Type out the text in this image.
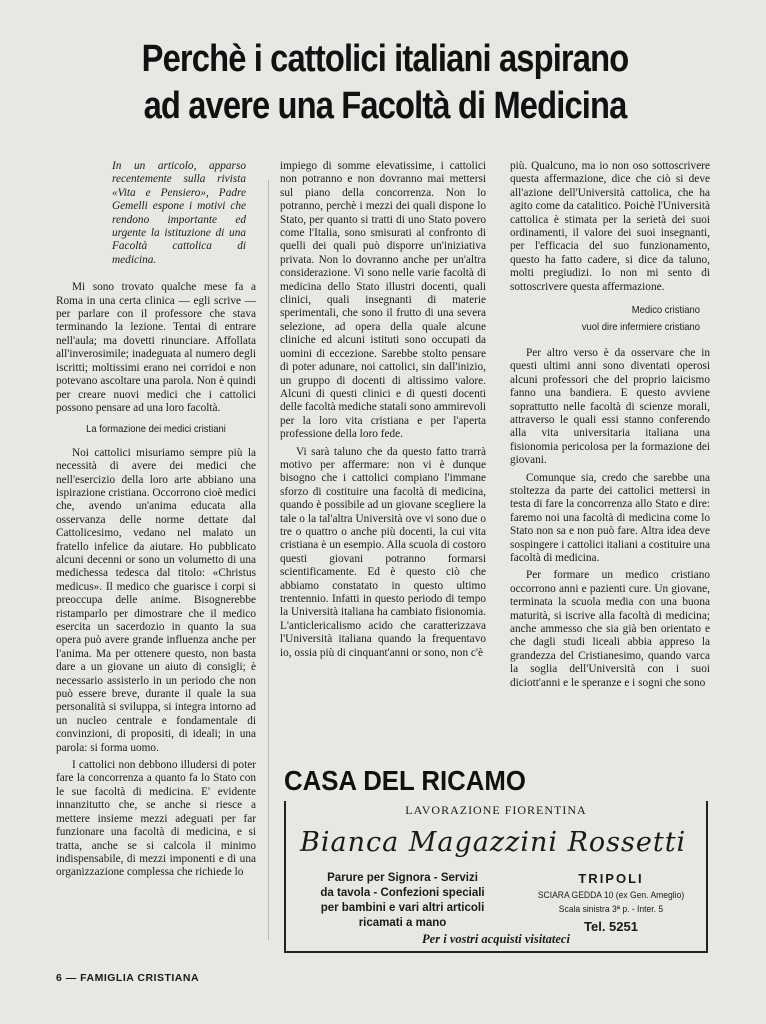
Perchè i cattolici italiani aspirano
ad avere una Facoltà di Medicina

In un articolo, apparso recentemente sulla rivista «Vita e Pensiero», Padre Gemelli espone i motivi che rendono importante ed urgente la istituzione di una Facoltà cattolica di medicina.

Mi sono trovato qualche mese fa a Roma in una certa clinica — egli scrive — per parlare con il professore che stava terminando la lezione. Tentai di entrare nell'aula; ma dovetti rinunciare. Affollata all'inverosimile; inadeguata al numero degli iscritti; moltissimi erano nei corridoi e non potevano ascoltare una parola. Non è quindi per creare nuovi medici che i cattolici possono pensare ad una loro facoltà.

La formazione dei medici cristiani

Noi cattolici misuriamo sempre più la necessità di avere dei medici che nell'esercizio della loro arte abbiano una ispirazione cristiana. Occorrono cioè medici che, avendo un'anima educata alla osservanza delle norme dettate dal Cattolicesimo, vedano nel malato un fratello infelice da aiutare. Ho pubblicato alcuni decenni or sono un volumetto di una medichessa tedesca dal titolo: «Christus medicus». Il medico che guarisce i corpi si preoccupa delle anime. Bisognerebbe ristamparlo per dimostrare che il medico esercita un sacerdozio in quanto la sua opera può avere grande influenza anche per l'anima. Ma per ottenere questo, non basta dare a un giovane un aiuto di consigli; è necessario assisterlo in un periodo che non può essere breve, durante il quale la sua personalità si sviluppa, si integra intorno ad un nucleo centrale e fondamentale di convinzioni, di propositi, di ideali; in una parola: si forma uomo.

I cattolici non debbono illudersi di poter fare la concorrenza a quanto fa lo Stato con le sue facoltà di medicina. E' evidente innanzitutto che, se anche si riesce a mettere insieme mezzi adeguati per far funzionare una facoltà di medicina, e si tratta, anche se si calcola il minimo indispensabile, di mezzi imponenti e di una organizzazione complessa che richiede lo

impiego di somme elevatissime, i cattolici non potranno e non dovranno mai mettersi sul piano della concorrenza. Non lo potranno, perchè i mezzi dei quali dispone lo Stato, per quanto si tratti di uno Stato povero come l'Italia, sono smisurati al confronto di quelli dei quali può disporre un'iniziativa privata. Non lo dovranno anche per un'altra considerazione. Vi sono nelle varie facoltà di medicina dello Stato illustri docenti, quali clinici, quali insegnanti di materie sperimentali, che sono il frutto di una severa selezione, ad opera della quale alcune cliniche ed alcuni istituti sono occupati da uomini di eccezione. Sarebbe stolto pensare di poter adunare, noi cattolici, sin dall'inizio, un gruppo di docenti di altissimo valore. Alcuni di questi clinici e di questi docenti delle facoltà mediche statali sono ammirevoli per la loro vita cristiana e per l'aperta professione della loro fede.

Vi sarà taluno che da questo fatto trarrà motivo per affermare: non vi è dunque bisogno che i cattolici compiano l'immane sforzo di costituire una facoltà di medicina, quando è possibile ad un giovane scegliere la tale o la tal'altra Università ove vi sono due o tre o quattro o anche più docenti, la cui vita cristiana è un esempio. Alla scuola di costoro questi giovani potranno formarsi scientificamente. Ed è questo ciò che abbiamo constatato in questo ultimo trentennio. Infatti in questo periodo di tempo la Università italiana ha cambiato fisionomia. L'anticlericalismo acido che caratterizzava l'Università italiana quando la frequentavo io, ossia più di cinquant'anni or sono, non c'è

più. Qualcuno, ma io non oso sottoscrivere questa affermazione, dice che ciò si deve all'azione dell'Università cattolica, che ha agito come da catalitico. Poichè l'Università cattolica è stimata per la serietà dei suoi ordinamenti, il valore dei suoi insegnanti, per l'efficacia del suo funzionamento, questo ha fatto cadere, si dice da taluno, molti pregiudizi. Io non mi sento di sottoscrivere questa affermazione.

Medico cristiano
vuol dire infermiere cristiano

Per altro verso è da osservare che in questi ultimi anni sono diventati operosi alcuni professori che del proprio laicismo fanno una bandiera. E questo avviene soprattutto nelle facoltà di scienze morali, attraverso le quali essi stanno conferendo alla vita universitaria italiana una fisionomia pericolosa per la formazione dei giovani.

Comunque sia, credo che sarebbe una stoltezza da parte dei cattolici mettersi in testa di fare la concorrenza allo Stato e dire: faremo noi una facoltà di medicina come lo Stato non sa e non può fare. Altra idea deve sospingere i cattolici italiani a costituire una facoltà di medicina.

Per formare un medico cristiano occorrono anni e pazienti cure. Un giovane, terminata la scuola media con una buona maturità, si iscrive alla facoltà di medicina; anche ammesso che sia già ben orientato e che dagli studi liceali abbia appreso la grandezza del Cristianesimo, quando varca la soglia dell'Università con i suoi diciott'anni e le speranze e i sogni che sono

CASA DEL RICAMO
LAVORAZIONE FIORENTINA
Bianca Magazzini Rossetti
Parure per Signora - Servizi
da tavola - Confezioni speciali
per bambini e vari altri articoli
ricamati a mano
TRIPOLI
SCIARA GEDDA 10 (ex Gen. Ameglio)
Scala sinistra 3ª p. - Inter. 5
Tel. 5251
Per i vostri acquisti visitateci
6 — FAMIGLIA CRISTIANA
